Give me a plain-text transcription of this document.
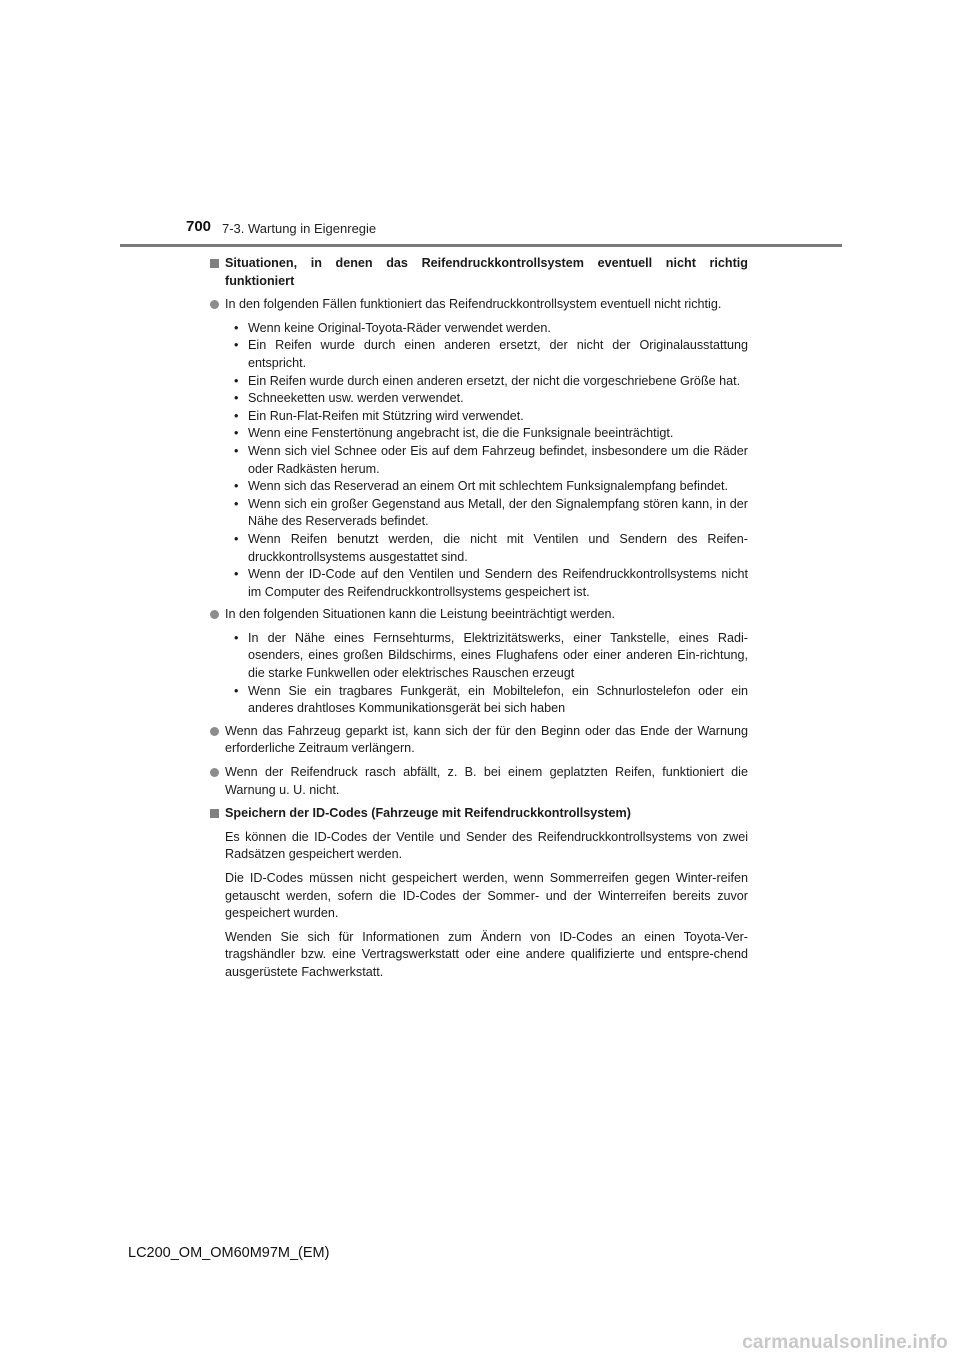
700 7-3. Wartung in Eigenregie
Situationen, in denen das Reifendruckkontrollsystem eventuell nicht richtig funktioniert
In den folgenden Fällen funktioniert das Reifendruckkontrollsystem eventuell nicht richtig.
• Wenn keine Original-Toyota-Räder verwendet werden.
• Ein Reifen wurde durch einen anderen ersetzt, der nicht der Originalausstattung entspricht.
• Ein Reifen wurde durch einen anderen ersetzt, der nicht die vorgeschriebene Größe hat.
• Schneeketten usw. werden verwendet.
• Ein Run-Flat-Reifen mit Stützring wird verwendet.
• Wenn eine Fenstertönung angebracht ist, die die Funksignale beeinträchtigt.
• Wenn sich viel Schnee oder Eis auf dem Fahrzeug befindet, insbesondere um die Räder oder Radkästen herum.
• Wenn sich das Reserverad an einem Ort mit schlechtem Funksignalempfang befindet.
• Wenn sich ein großer Gegenstand aus Metall, der den Signalempfang stören kann, in der Nähe des Reserverads befindet.
• Wenn Reifen benutzt werden, die nicht mit Ventilen und Sendern des Reifen-druckkontrollsystems ausgestattet sind.
• Wenn der ID-Code auf den Ventilen und Sendern des Reifendruckkontrollsystems nicht im Computer des Reifendruckkontrollsystems gespeichert ist.
In den folgenden Situationen kann die Leistung beeinträchtigt werden.
• In der Nähe eines Fernsehturms, Elektrizitätswerks, einer Tankstelle, eines Radi-osenders, eines großen Bildschirms, eines Flughafens oder einer anderen Ein-richtung, die starke Funkwellen oder elektrisches Rauschen erzeugt
• Wenn Sie ein tragbares Funkgerät, ein Mobiltelefon, ein Schnurlostelefon oder ein anderes drahtloses Kommunikationsgerät bei sich haben
Wenn das Fahrzeug geparkt ist, kann sich der für den Beginn oder das Ende der Warnung erforderliche Zeitraum verlängern.
Wenn der Reifendruck rasch abfällt, z. B. bei einem geplatzten Reifen, funktioniert die Warnung u. U. nicht.
Speichern der ID-Codes (Fahrzeuge mit Reifendruckkontrollsystem)
Es können die ID-Codes der Ventile und Sender des Reifendruckkontrollsystems von zwei Radsätzen gespeichert werden.
Die ID-Codes müssen nicht gespeichert werden, wenn Sommerreifen gegen Winter-reifen getauscht werden, sofern die ID-Codes der Sommer- und der Winterreifen bereits zuvor gespeichert wurden.
Wenden Sie sich für Informationen zum Ändern von ID-Codes an einen Toyota-Ver-tragshändler bzw. eine Vertragswerkstatt oder eine andere qualifizierte und entspre-chend ausgerüstete Fachwerkstatt.
LC200_OM_OM60M97M_(EM)
carmanualsonline.info
